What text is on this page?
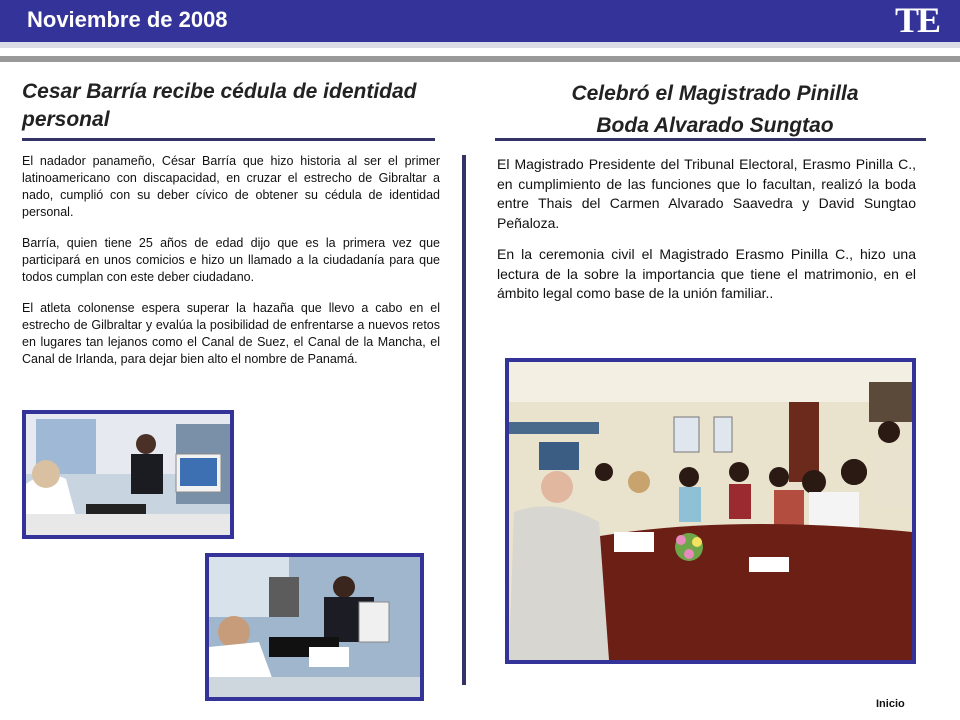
Noviembre de 2008	TE
Cesar Barría recibe cédula de identidad personal

El nadador panameño, César Barría que hizo historia al ser el primer latinoamericano con discapacidad, en cruzar el estrecho de Gibraltar a nado, cumplió con su deber cívico de obtener su cédula de identidad personal.

Barría, quien tiene 25 años de edad dijo que es la primera vez que participará en unos comicios e hizo un llamado a la ciudadanía para que todos cumplan con este deber ciudadano.

El atleta colonense espera superar la hazaña que llevo a cabo en el estrecho de Gilbraltar y evalúa la posibilidad de enfrentarse a nuevos retos en lugares tan lejanos como el Canal de Suez, el Canal de la Mancha, el Canal de Irlanda, para dejar bien alto el nombre de Panamá.

Celebró el Magistrado Pinilla
Boda Alvarado Sungtao

El Magistrado Presidente del Tribunal Electoral, Erasmo Pinilla C., en cumplimiento de las funciones que lo facultan, realizó la boda entre Thais del Carmen Alvarado Saavedra y David Sungtao Peñaloza.

En la ceremonia civil el Magistrado Erasmo Pinilla C., hizo una lectura de la sobre la importancia que tiene el matrimonio, en el ámbito legal como base de la unión familiar..

Inicio
